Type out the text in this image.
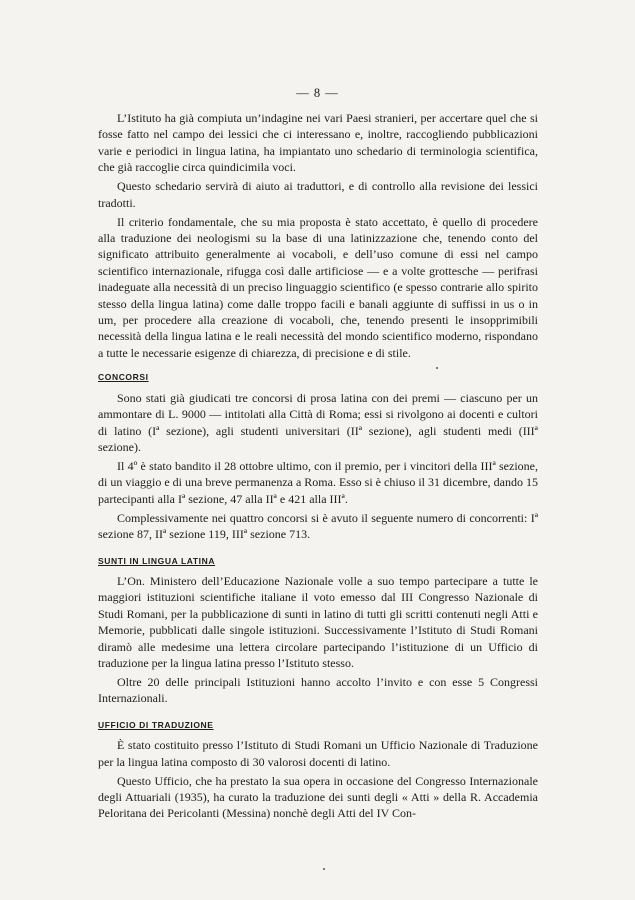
— 8 —

L’Istituto ha già compiuta un’indagine nei vari Paesi stranieri, per accertare quel che si fosse fatto nel campo dei lessici che ci interessano e, inoltre, raccogliendo pubblicazioni varie e periodici in lingua latina, ha impiantato uno schedario di terminologia scientifica, che già raccoglie circa quindicimila voci.

Questo schedario servirà di aiuto ai traduttori, e di controllo alla revisione dei lessici tradotti.

Il criterio fondamentale, che su mia proposta è stato accettato, è quello di procedere alla traduzione dei neologismi su la base di una latinizzazione che, tenendo conto del significato attribuito generalmente ai vocaboli, e dell’uso comune di essi nel campo scientifico internazionale, rifugga così dalle artificiose — e a volte grottesche — perifrasi inadeguate alla necessità di un preciso linguaggio scientifico (e spesso contrarie allo spirito stesso della lingua latina) come dalle troppo facili e banali aggiunte di suffissi in us o in um, per procedere alla creazione di vocaboli, che, tenendo presenti le insopprimibili necessità della lingua latina e le reali necessità del mondo scientifico moderno, rispondano a tutte le necessarie esigenze di chiarezza, di precisione e di stile.

CONCORSI

Sono stati già giudicati tre concorsi di prosa latina con dei premi — ciascuno per un ammontare di L. 9000 — intitolati alla Città di Roma; essi si rivolgono ai docenti e cultori di latino (Iª sezione), agli studenti universitari (IIª sezione), agli studenti medi (IIIª sezione).

Il 4º è stato bandito il 28 ottobre ultimo, con il premio, per i vincitori della IIIª sezione, di un viaggio e di una breve permanenza a Roma. Esso si è chiuso il 31 dicembre, dando 15 partecipanti alla Iª sezione, 47 alla IIª e 421 alla IIIª.

Complessivamente nei quattro concorsi si è avuto il seguente numero di concorrenti: Iª sezione 87, IIª sezione 119, IIIª sezione 713.

SUNTI IN LINGUA LATINA

L’On. Ministero dell’Educazione Nazionale volle a suo tempo partecipare a tutte le maggiori istituzioni scientifiche italiane il voto emesso dal III Congresso Nazionale di Studi Romani, per la pubblicazione di sunti in latino di tutti gli scritti contenuti negli Atti e Memorie, pubblicati dalle singole istituzioni. Successivamente l’Istituto di Studi Romani diramò alle medesime una lettera circolare partecipando l’istituzione di un Ufficio di traduzione per la lingua latina presso l’Istituto stesso.

Oltre 20 delle principali Istituzioni hanno accolto l’invito e con esse 5 Congressi Internazionali.

UFFICIO DI TRADUZIONE

È stato costituito presso l’Istituto di Studi Romani un Ufficio Nazionale di Traduzione per la lingua latina composto di 30 valorosi docenti di latino.

Questo Ufficio, che ha prestato la sua opera in occasione del Congresso Internazionale degli Attuariali (1935), ha curato la traduzione dei sunti degli « Atti » della R. Accademia Peloritana dei Pericolanti (Messina) nonchè degli Atti del IV Con-
